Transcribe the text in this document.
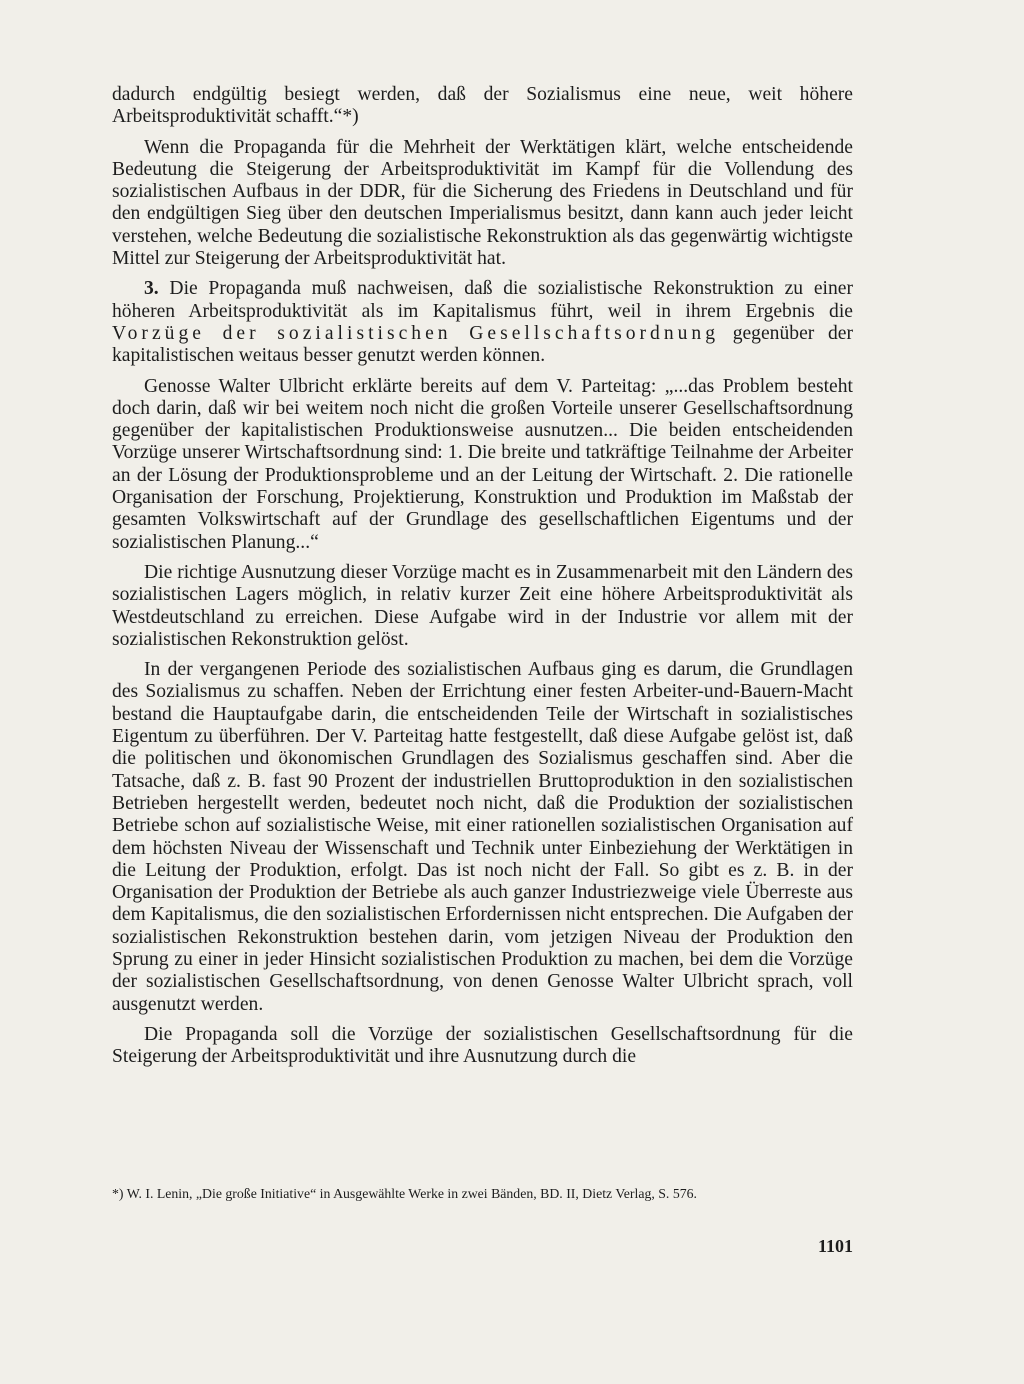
dadurch endgültig besiegt werden, daß der Sozialismus eine neue, weit höhere Arbeitsproduktivität schafft.“*)

Wenn die Propaganda für die Mehrheit der Werktätigen klärt, welche entscheidende Bedeutung die Steigerung der Arbeitsproduktivität im Kampf für die Vollendung des sozialistischen Aufbaus in der DDR, für die Sicherung des Friedens in Deutschland und für den endgültigen Sieg über den deutschen Imperialismus besitzt, dann kann auch jeder leicht verstehen, welche Bedeutung die sozialistische Rekonstruktion als das gegenwärtig wichtigste Mittel zur Steigerung der Arbeitsproduktivität hat.

3. Die Propaganda muß nachweisen, daß die sozialistische Rekonstruktion zu einer höheren Arbeitsproduktivität als im Kapitalismus führt, weil in ihrem Ergebnis die Vorzüge der sozialistischen Gesellschaftsordnung gegenüber der kapitalistischen weitaus besser genutzt werden können.

Genosse Walter Ulbricht erklärte bereits auf dem V. Parteitag: „...das Problem besteht doch darin, daß wir bei weitem noch nicht die großen Vorteile unserer Gesellschaftsordnung gegenüber der kapitalistischen Produktionsweise ausnutzen... Die beiden entscheidenden Vorzüge unserer Wirtschaftsordnung sind: 1. Die breite und tatkräftige Teilnahme der Arbeiter an der Lösung der Produktionsprobleme und an der Leitung der Wirtschaft. 2. Die rationelle Organisation der Forschung, Projektierung, Konstruktion und Produktion im Maßstab der gesamten Volkswirtschaft auf der Grundlage des gesellschaftlichen Eigentums und der sozialistischen Planung...“

Die richtige Ausnutzung dieser Vorzüge macht es in Zusammenarbeit mit den Ländern des sozialistischen Lagers möglich, in relativ kurzer Zeit eine höhere Arbeitsproduktivität als Westdeutschland zu erreichen. Diese Aufgabe wird in der Industrie vor allem mit der sozialistischen Rekonstruktion gelöst.

In der vergangenen Periode des sozialistischen Aufbaus ging es darum, die Grundlagen des Sozialismus zu schaffen. Neben der Errichtung einer festen Arbeiter-und-Bauern-Macht bestand die Hauptaufgabe darin, die entscheidenden Teile der Wirtschaft in sozialistisches Eigentum zu überführen. Der V. Parteitag hatte festgestellt, daß diese Aufgabe gelöst ist, daß die politischen und ökonomischen Grundlagen des Sozialismus geschaffen sind. Aber die Tatsache, daß z. B. fast 90 Prozent der industriellen Bruttoproduktion in den sozialistischen Betrieben hergestellt werden, bedeutet noch nicht, daß die Produktion der sozialistischen Betriebe schon auf sozialistische Weise, mit einer rationellen sozialistischen Organisation auf dem höchsten Niveau der Wissenschaft und Technik unter Einbeziehung der Werktätigen in die Leitung der Produktion, erfolgt. Das ist noch nicht der Fall. So gibt es z. B. in der Organisation der Produktion der Betriebe als auch ganzer Industriezweige viele Überreste aus dem Kapitalismus, die den sozialistischen Erfordernissen nicht entsprechen. Die Aufgaben der sozialistischen Rekonstruktion bestehen darin, vom jetzigen Niveau der Produktion den Sprung zu einer in jeder Hinsicht sozialistischen Produktion zu machen, bei dem die Vorzüge der sozialistischen Gesellschaftsordnung, von denen Genosse Walter Ulbricht sprach, voll ausgenutzt werden.

Die Propaganda soll die Vorzüge der sozialistischen Gesellschaftsordnung für die Steigerung der Arbeitsproduktivität und ihre Ausnutzung durch die

*) W. I. Lenin, „Die große Initiative“ in Ausgewählte Werke in zwei Bänden, BD. II, Dietz Verlag, S. 576.
1101
